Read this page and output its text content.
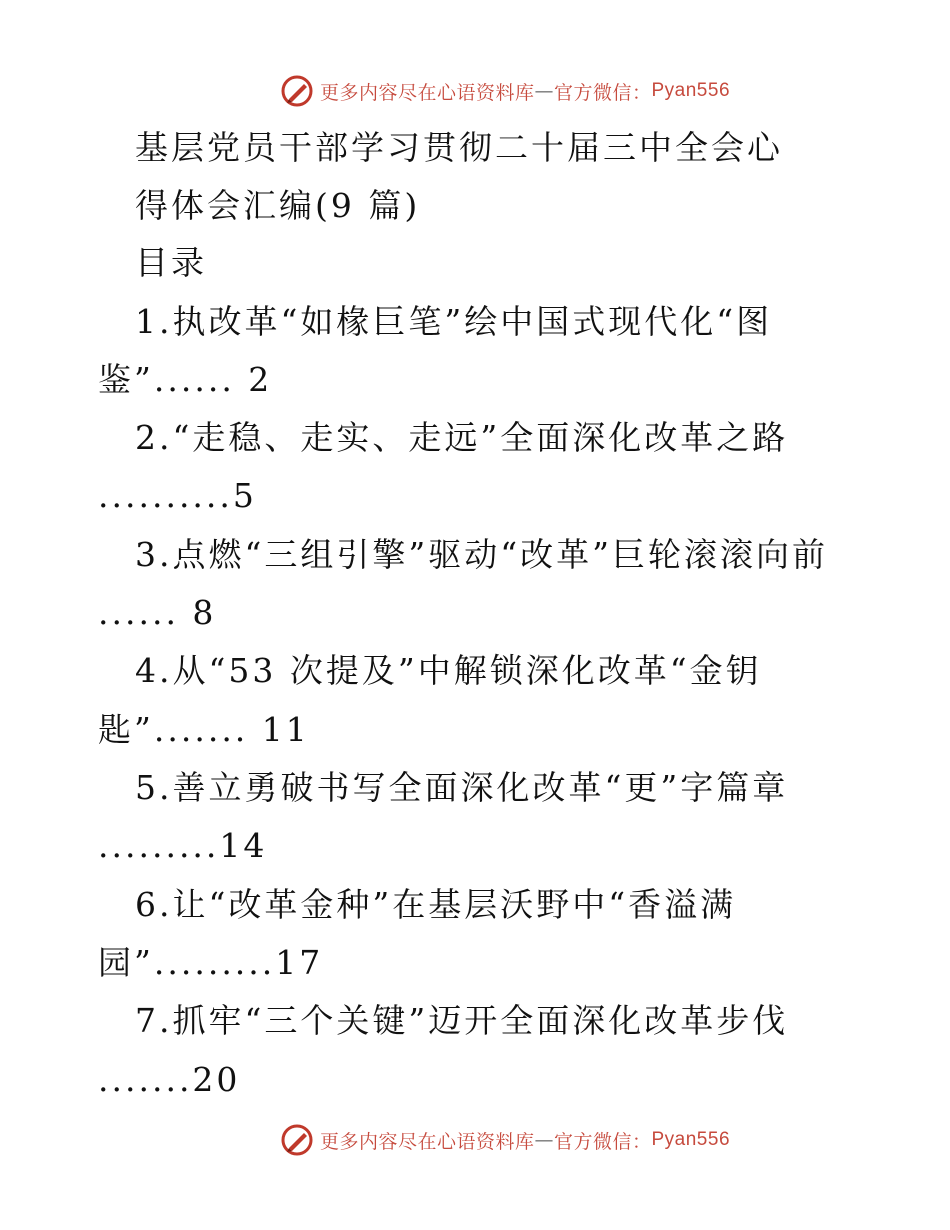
更多内容尽在心语资料库 — 官方微信： Pyan556
基层党员干部学习贯彻二十届三中全会心
得体会汇编(9 篇)
目录
1.执改革“如椽巨笔”绘中国式现代化“图
鉴”...... 2
2.“走稳、走实、走远”全面深化改革之路
..........5
3.点燃“三组引擎”驱动“改革”巨轮滚滚向前
...... 8
4.从“53 次提及”中解锁深化改革“金钥
匙”....... 11
5.善立勇破书写全面深化改革“更”字篇章
.........14
6.让“改革金种”在基层沃野中“香溢满
园”.........17
7.抓牢“三个关键”迈开全面深化改革步伐
.......20
更多内容尽在心语资料库 — 官方微信： Pyan556
